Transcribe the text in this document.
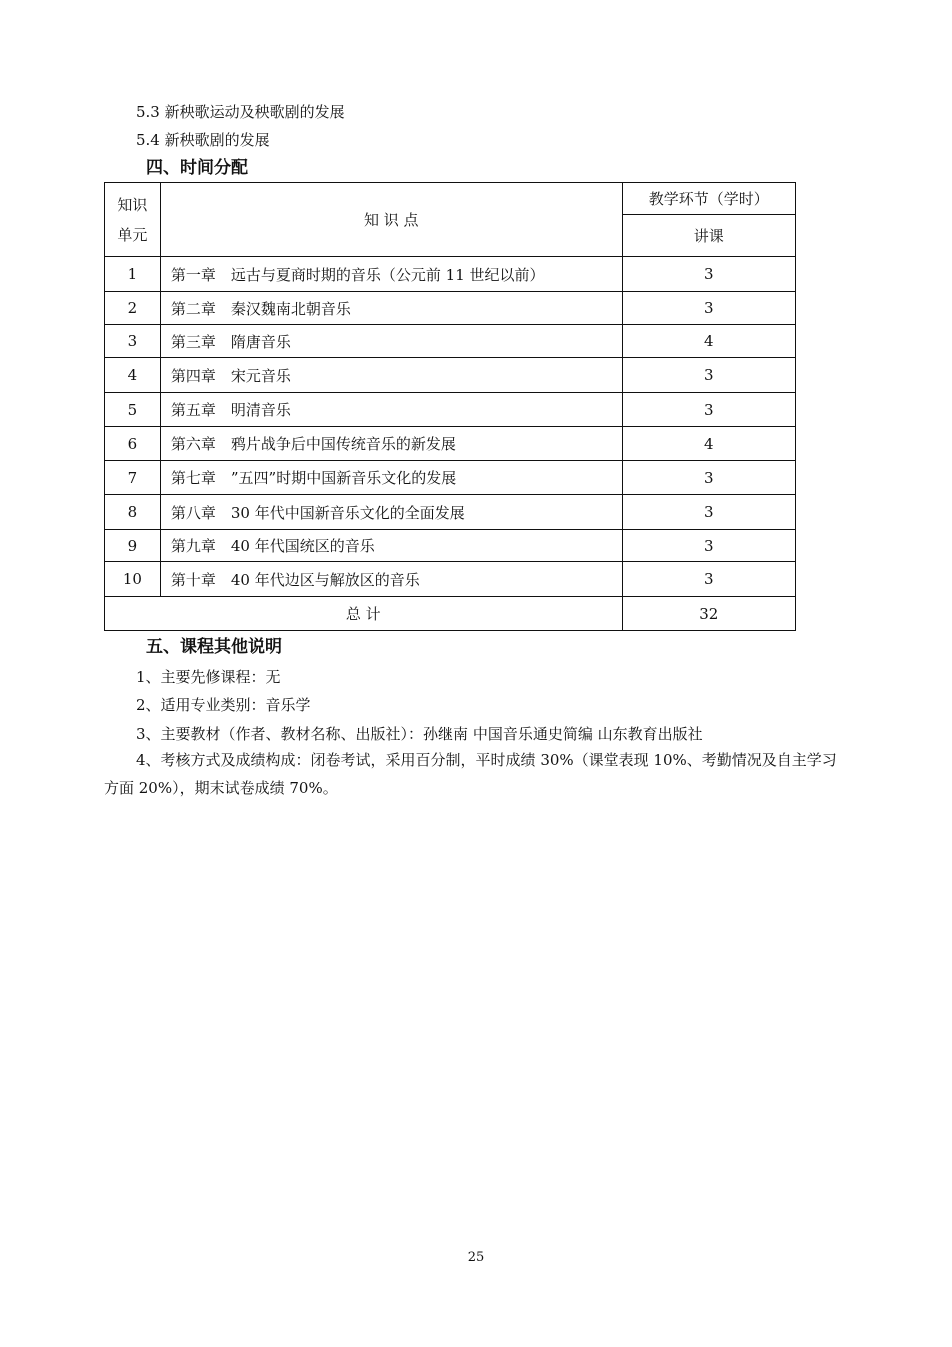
5.3 新秧歌运动及秧歌剧的发展
5.4 新秧歌剧的发展
四、时间分配
知识单元	知 识 点	教学环节（学时）
		讲课
1	第一章　远古与夏商时期的音乐（公元前 11 世纪以前）	3
2	第二章　秦汉魏南北朝音乐	3
3	第三章　隋唐音乐	4
4	第四章　宋元音乐	3
5	第五章　明清音乐	3
6	第六章　鸦片战争后中国传统音乐的新发展	4
7	第七章　”五四”时期中国新音乐文化的发展	3
8	第八章　30 年代中国新音乐文化的全面发展	3
9	第九章　40 年代国统区的音乐	3
10	第十章　40 年代边区与解放区的音乐	3
总 计		32
五、课程其他说明
1、主要先修课程：无
2、适用专业类别：音乐学
3、主要教材（作者、教材名称、出版社）：孙继南 中国音乐通史简编 山东教育出版社
4、考核方式及成绩构成：闭卷考试，采用百分制，平时成绩 30%（课堂表现 10%、考勤情况及自主学习方面 20%），期末试卷成绩 70%。
25
